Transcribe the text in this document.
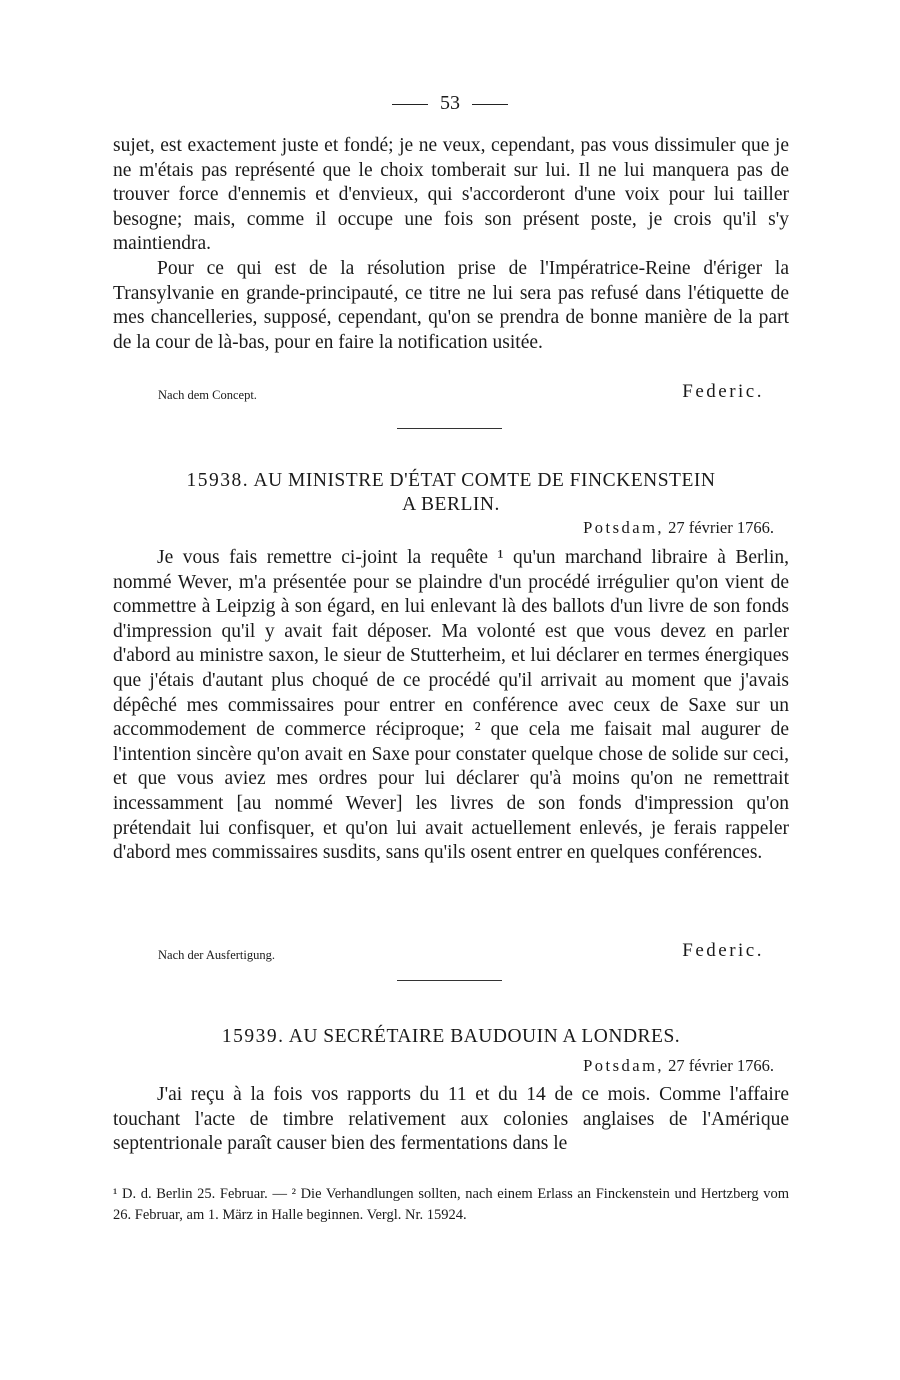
53

sujet, est exactement juste et fondé; je ne veux, cependant, pas vous dissimuler que je ne m'étais pas représenté que le choix tomberait sur lui. Il ne lui manquera pas de trouver force d'ennemis et d'envieux, qui s'accorderont d'une voix pour lui tailler besogne; mais, comme il occupe une fois son présent poste, je crois qu'il s'y maintiendra.

Pour ce qui est de la résolution prise de l'Impératrice-Reine d'ériger la Transylvanie en grande-principauté, ce titre ne lui sera pas refusé dans l'étiquette de mes chancelleries, supposé, cependant, qu'on se prendra de bonne manière de la part de la cour de là-bas, pour en faire la notification usitée.

Nach dem Concept.	Federic.
15938. AU MINISTRE D'ÉTAT COMTE DE FINCKENSTEIN
A BERLIN.
Potsdam, 27 février 1766.

Je vous fais remettre ci-joint la requête ¹ qu'un marchand libraire à Berlin, nommé Wever, m'a présentée pour se plaindre d'un procédé irrégulier qu'on vient de commettre à Leipzig à son égard, en lui enlevant là des ballots d'un livre de son fonds d'impression qu'il y avait fait déposer. Ma volonté est que vous devez en parler d'abord au ministre saxon, le sieur de Stutterheim, et lui déclarer en termes énergiques que j'étais d'autant plus choqué de ce procédé qu'il arrivait au moment que j'avais dépêché mes commissaires pour entrer en conférence avec ceux de Saxe sur un accommodement de commerce réciproque; ² que cela me faisait mal augurer de l'intention sincère qu'on avait en Saxe pour constater quelque chose de solide sur ceci, et que vous aviez mes ordres pour lui déclarer qu'à moins qu'on ne remettrait incessamment [au nommé Wever] les livres de son fonds d'impression qu'on prétendait lui confisquer, et qu'on lui avait actuellement enlevés, je ferais rappeler d'abord mes commissaires susdits, sans qu'ils osent entrer en quelques conférences.

Nach der Ausfertigung.	Federic.
15939. AU SECRÉTAIRE BAUDOUIN A LONDRES.
Potsdam, 27 février 1766.

J'ai reçu à la fois vos rapports du 11 et du 14 de ce mois. Comme l'affaire touchant l'acte de timbre relativement aux colonies anglaises de l'Amérique septentrionale paraît causer bien des fermentations dans le

¹ D. d. Berlin 25. Februar. — ² Die Verhandlungen sollten, nach einem Erlass an Finckenstein und Hertzberg vom 26. Februar, am 1. März in Halle beginnen. Vergl. Nr. 15924.
